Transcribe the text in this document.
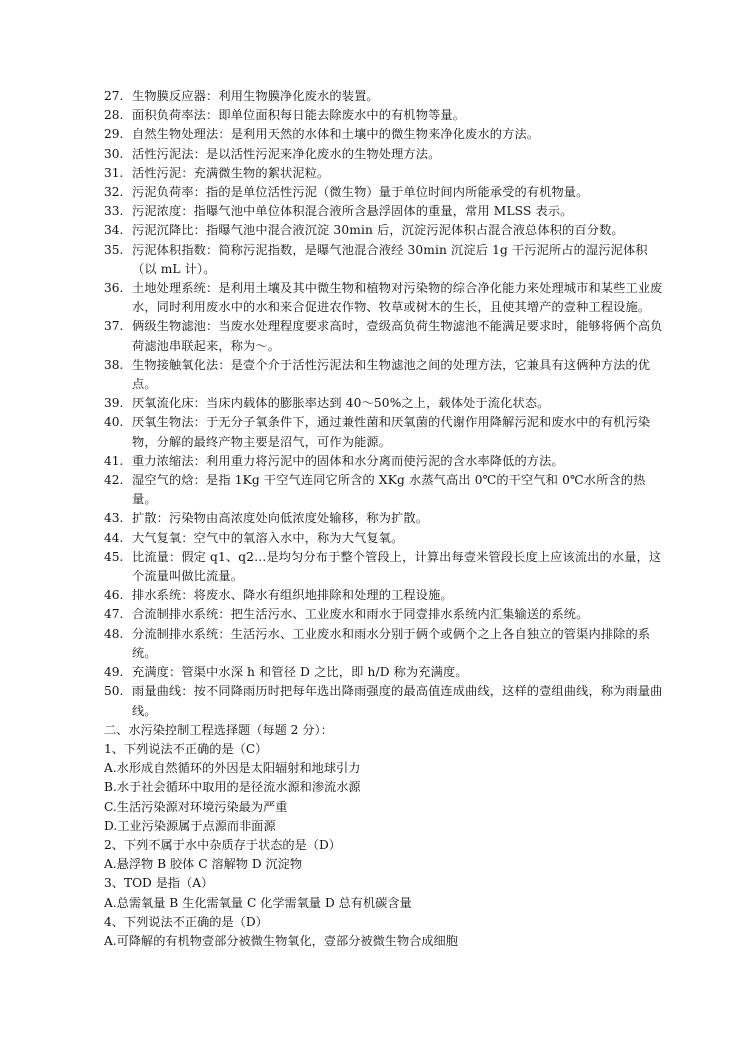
27. 生物膜反应器：利用生物膜净化废水的装置。
28. 面积负荷率法：即单位面积每日能去除废水中的有机物等量。
29. 自然生物处理法：是利用天然的水体和土壤中的微生物来净化废水的方法。
30. 活性污泥法：是以活性污泥来净化废水的生物处理方法。
31. 活性污泥：充满微生物的絮状泥粒。
32. 污泥负荷率：指的是单位活性污泥（微生物）量于单位时间内所能承受的有机物量。
33. 污泥浓度：指曝气池中单位体积混合液所含悬浮固体的重量，常用 MLSS 表示。
34. 污泥沉降比：指曝气池中混合液沉淀 30min 后，沉淀污泥体积占混合液总体积的百分数。
35. 污泥体积指数：简称污泥指数，是曝气池混合液经 30min 沉淀后 1g 干污泥所占的湿污泥体积（以 mL 计）。
36. 土地处理系统：是利用土壤及其中微生物和植物对污染物的综合净化能力来处理城市和某些工业废水，同时利用废水中的水和来合促进农作物、牧草或树木的生长，且使其增产的壹种工程设施。
37. 俩级生物滤池：当废水处理程度要求高时，壹级高负荷生物滤池不能满足要求时，能够将俩个高负荷滤池串联起来，称为～。
38. 生物接触氧化法：是壹个介于活性污泥法和生物滤池之间的处理方法，它兼具有这俩种方法的优点。
39. 厌氧流化床：当床内载体的膨胀率达到 40～50%之上，载体处于流化状态。
40. 厌氧生物法：于无分子氧条件下，通过兼性菌和厌氧菌的代谢作用降解污泥和废水中的有机污染物，分解的最终产物主要是沼气，可作为能源。
41. 重力浓缩法：利用重力将污泥中的固体和水分离而使污泥的含水率降低的方法。
42. 湿空气的焓：是指 1Kg 干空气连同它所含的 XKg 水蒸气高出 0℃的干空气和 0℃水所含的热量。
43. 扩散：污染物由高浓度处向低浓度处输移，称为扩散。
44. 大气复氧：空气中的氧溶入水中，称为大气复氧。
45. 比流量：假定 q1、q2…是均匀分布于整个管段上，计算出每壹米管段长度上应该流出的水量，这个流量叫做比流量。
46. 排水系统：将废水、降水有组织地排除和处理的工程设施。
47. 合流制排水系统：把生活污水、工业废水和雨水于同壹排水系统内汇集输送的系统。
48. 分流制排水系统：生活污水、工业废水和雨水分别于俩个或俩个之上各自独立的管渠内排除的系统。
49. 充满度：管渠中水深 h 和管径 D 之比，即 h/D 称为充满度。
50. 雨量曲线：按不同降雨历时把每年选出降雨强度的最高值连成曲线，这样的壹组曲线，称为雨量曲线。
二、水污染控制工程选择题（每题 2 分）：
1、下列说法不正确的是（C）
A.水形成自然循环的外因是太阳辐射和地球引力
B.水于社会循环中取用的是径流水源和渗流水源
C.生活污染源对环境污染最为严重
D.工业污染源属于点源而非面源
2、下列不属于水中杂质存于状态的是（D）
A.悬浮物 B 胶体 C 溶解物 D 沉淀物
3、TOD 是指（A）
A.总需氧量 B 生化需氧量 C 化学需氧量 D 总有机碳含量
4、下列说法不正确的是（D）
A.可降解的有机物壹部分被微生物氧化，壹部分被微生物合成细胞
